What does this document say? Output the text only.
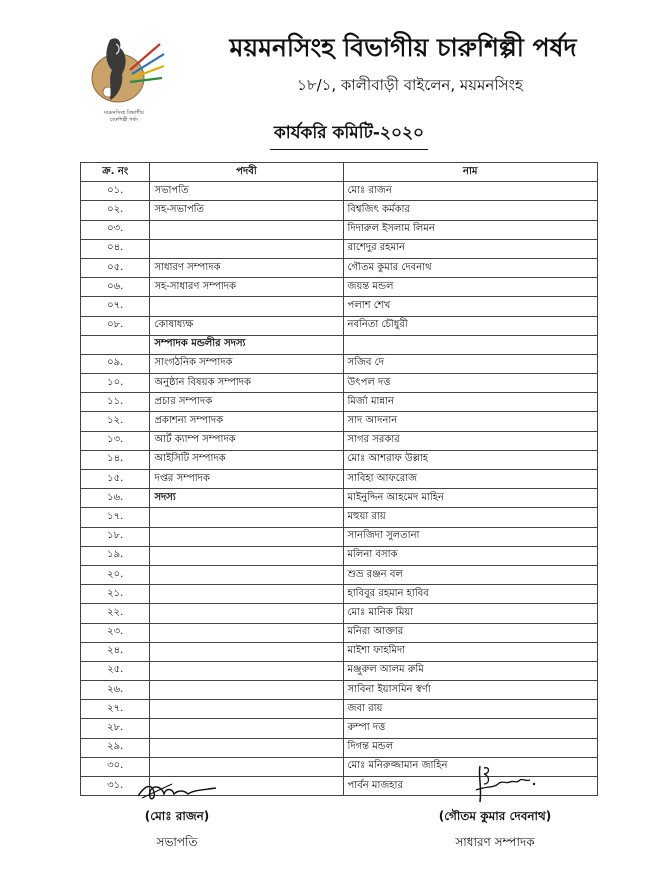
ময়মনসিংহ বিভাগীয়
চারুশিল্পী পর্ষদ
ময়মনসিংহ বিভাগীয় চারুশিল্পী পর্ষদ
১৮/১, কালীবাড়ী বাইলেন, ময়মনসিংহ
কার্যকরি কমিটি-২০২০
ক্র. নং	পদবী	নাম
০১.	সভাপতি	মোঃ রাজন
০২.	সহ-সভাপতি	বিশ্বজিৎ কর্মকার
০৩.		দিদারুল ইসলাম লিমন
০৪.		রাশেদুর রহমান
০৫.	সাধারণ সম্পাদক	গৌতম কুমার দেবনাথ
০৬.	সহ-সাধারণ সম্পাদক	জয়ন্ত মন্ডল
০৭.		পলাশ শেখ
০৮.	কোষাধ্যক্ষ	নবনিতা চৌধুরী
	সম্পাদক মন্ডলীর সদস্য	
০৯.	সাংগঠনিক সম্পাদক	সজিব দে
১০.	অনুষ্ঠান বিষয়ক সম্পাদক	উৎপল দত্ত
১১.	প্রচার সম্পাদক	মির্জা মান্নান
১২.	প্রকাশনা সম্পাদক	সাদ আদনান
১৩.	আর্ট ক্যাম্প সম্পাদক	সাগর সরকার
১৪.	আইসিটি সম্পাদক	মোঃ আশরাফ উল্লাহ
১৫.	দপ্তর সম্পাদক	সাবিহা আফরোজ
১৬.	সদস্য	মাইনুদ্দিন আহমেদ মাহিন
১৭.		মহুয়া রায়
১৮.		সানজিদা সুলতানা
১৯.		মলিনা বসাক
২০.		শুভ্র রঞ্জন বল
২১.		হাবিবুর রহমান হাবিব
২২.		মোঃ মানিক মিয়া
২৩.		মনিরা আক্তার
২৪.		মাইশা ফাহমিদা
২৫.		মঞ্জুরুল আলম রুমি
২৬.		সাবিনা ইয়াসমিন স্বর্ণা
২৭.		জবা রায়
২৮.		রুম্পা দত্ত
২৯.		দিগন্ত মন্ডল
৩০.		মোঃ মনিরুজ্জামান জাহিন
৩১.		পার্বন মাজহার
(মোঃ রাজন)
সভাপতি
(গৌতম কুমার দেবনাথ)
সাধারণ সম্পাদক
